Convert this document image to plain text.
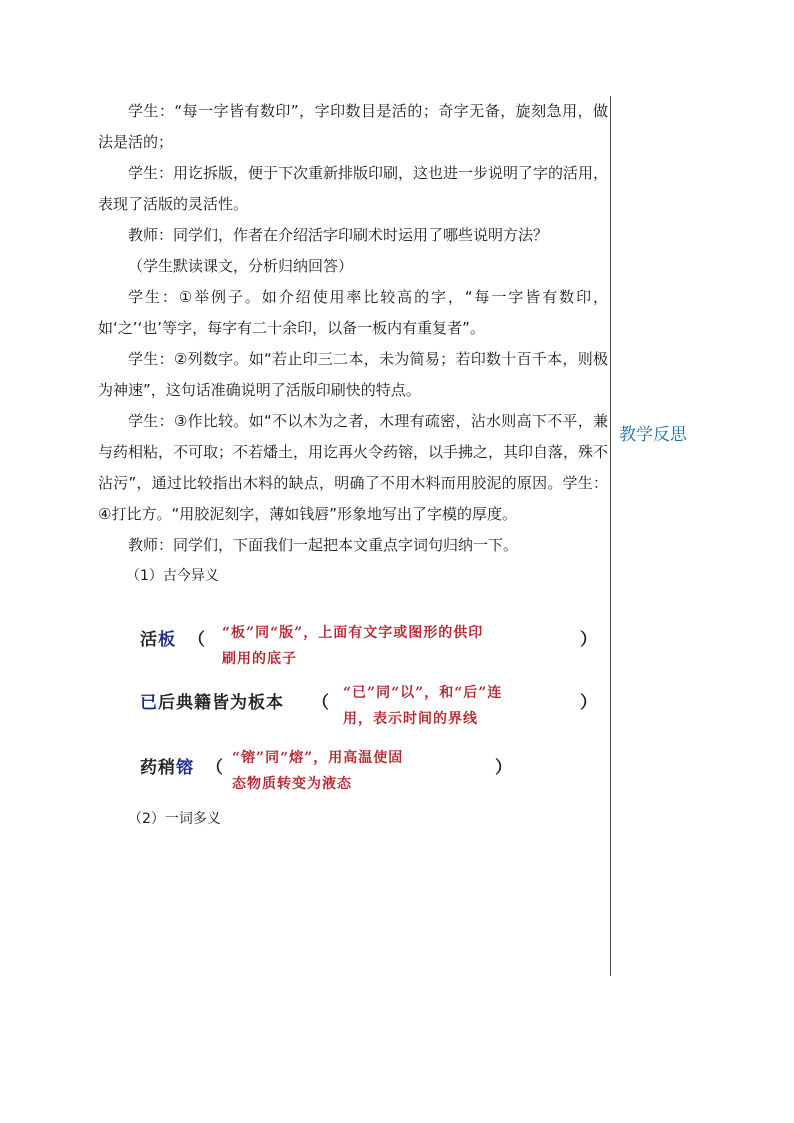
学生：“每一字皆有数印”，字印数目是活的；奇字无备，旋刻急用，做法是活的；

学生：用讫拆版，便于下次重新排版印刷，这也进一步说明了字的活用，表现了活版的灵活性。

教师：同学们，作者在介绍活字印刷术时运用了哪些说明方法？

（学生默读课文，分析归纳回答）

学生：①举例子。如介绍使用率比较高的字，“每一字皆有数印，如‘之’‘也’等字，每字有二十余印，以备一板内有重复者”。

学生：②列数字。如“若止印三二本，未为简易；若印数十百千本，则极为神速”，这句话准确说明了活版印刷快的特点。

学生：③作比较。如“不以木为之者，木理有疏密，沾水则高下不平，兼与药相粘，不可取；不若燔土，用讫再火令药镕，以手拂之，其印自落，殊不沾污”，通过比较指出木料的缺点，明确了不用木料而用胶泥的原因。学生：④打比方。“用胶泥刻字，薄如钱唇”形象地写出了字模的厚度。

教师：同学们，下面我们一起把本文重点字词句归纳一下。

（1）古今异义

教学反思
活板 （ “板”同“版”，上面有文字或图形的供印
刷用的底子
）
已后典籍皆为板本 （ “已”同“以”，和“后”连
用，表示时间的界线
）
药稍镕 （ “镕”同“熔”，用高温使固
态物质转变为液态
）
（2）一词多义
